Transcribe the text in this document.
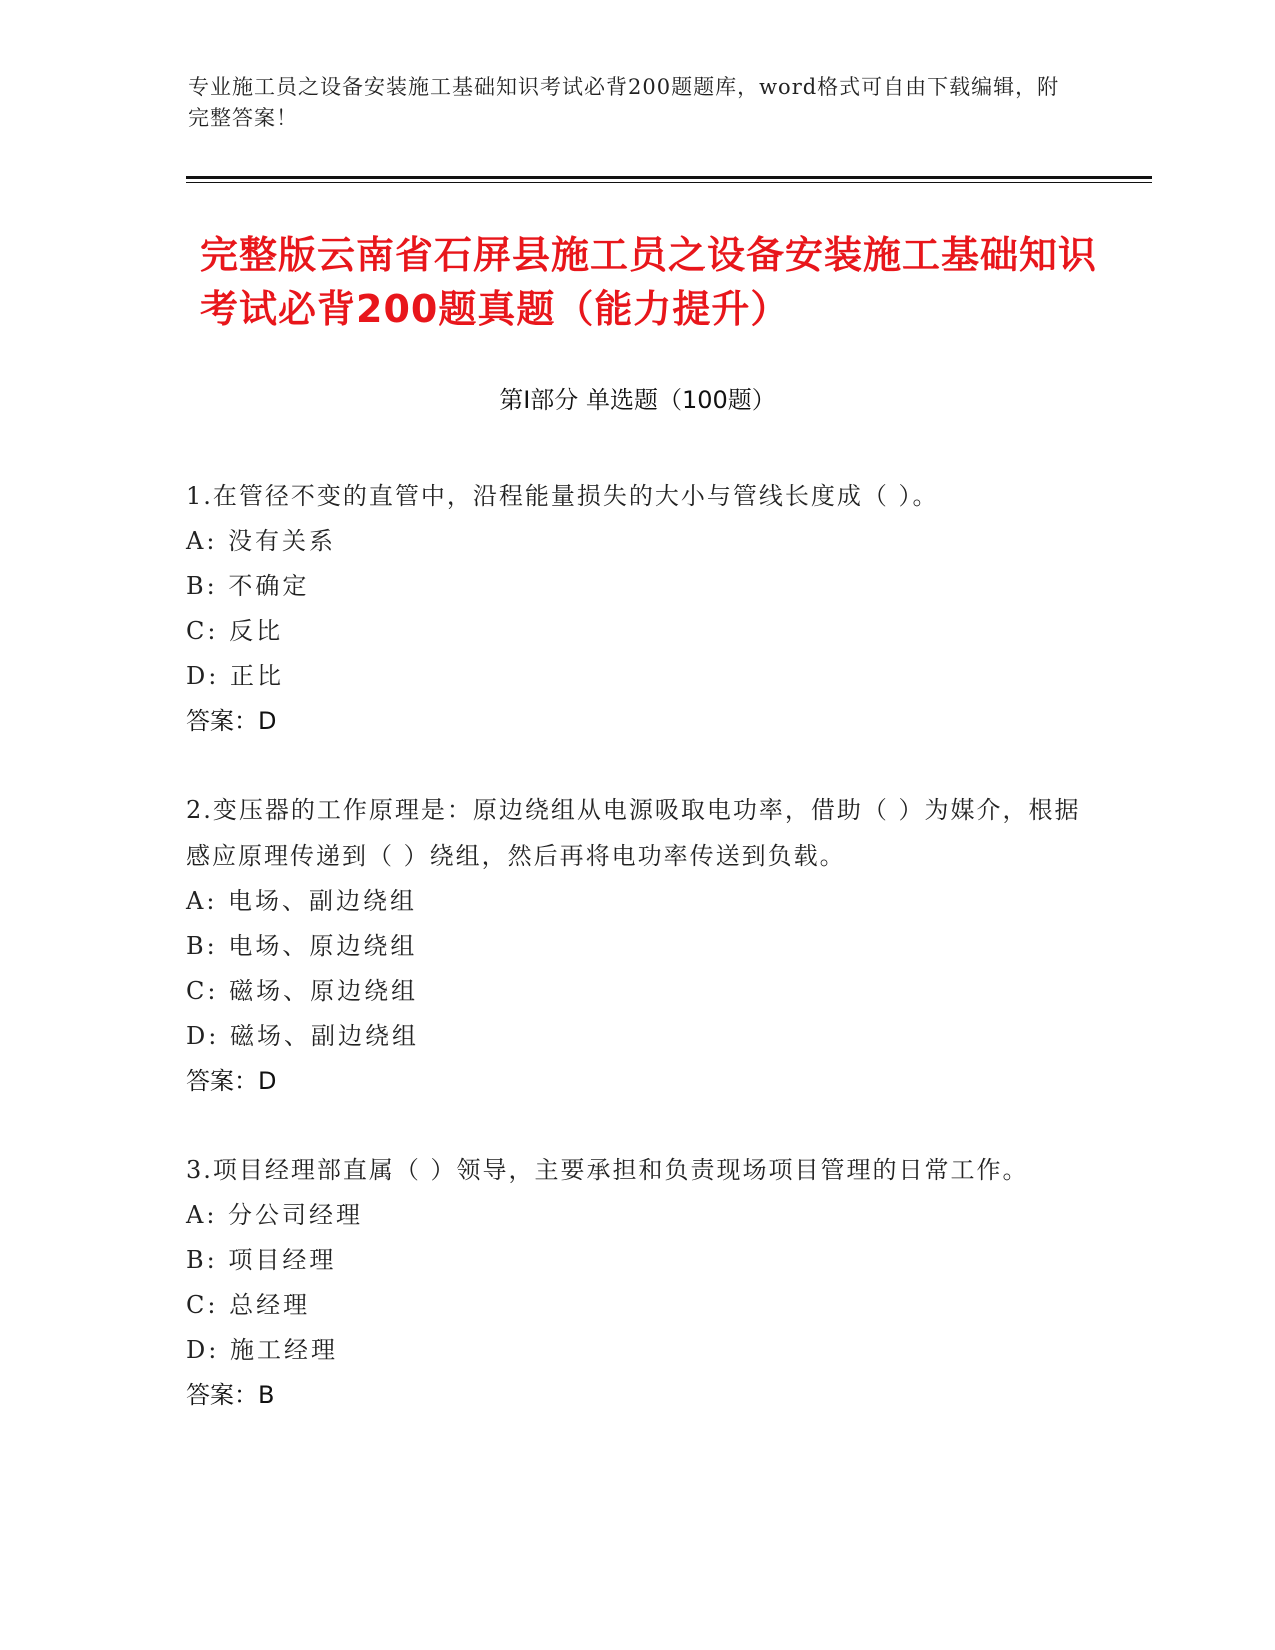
专业施工员之设备安装施工基础知识考试必背200题题库，word格式可自由下载编辑，附完整答案！
完整版云南省石屏县施工员之设备安装施工基础知识考试必背200题真题（能力提升）
第I部分 单选题（100题）
1.在管径不变的直管中，沿程能量损失的大小与管线长度成（ ）。
A: 没有关系
B: 不确定
C: 反比
D: 正比
答案：D
2.变压器的工作原理是：原边绕组从电源吸取电功率，借助（ ）为媒介，根据感应原理传递到（ ）绕组，然后再将电功率传送到负载。
A: 电场、副边绕组
B: 电场、原边绕组
C: 磁场、原边绕组
D: 磁场、副边绕组
答案：D
3.项目经理部直属（ ）领导，主要承担和负责现场项目管理的日常工作。
A: 分公司经理
B: 项目经理
C: 总经理
D: 施工经理
答案：B
